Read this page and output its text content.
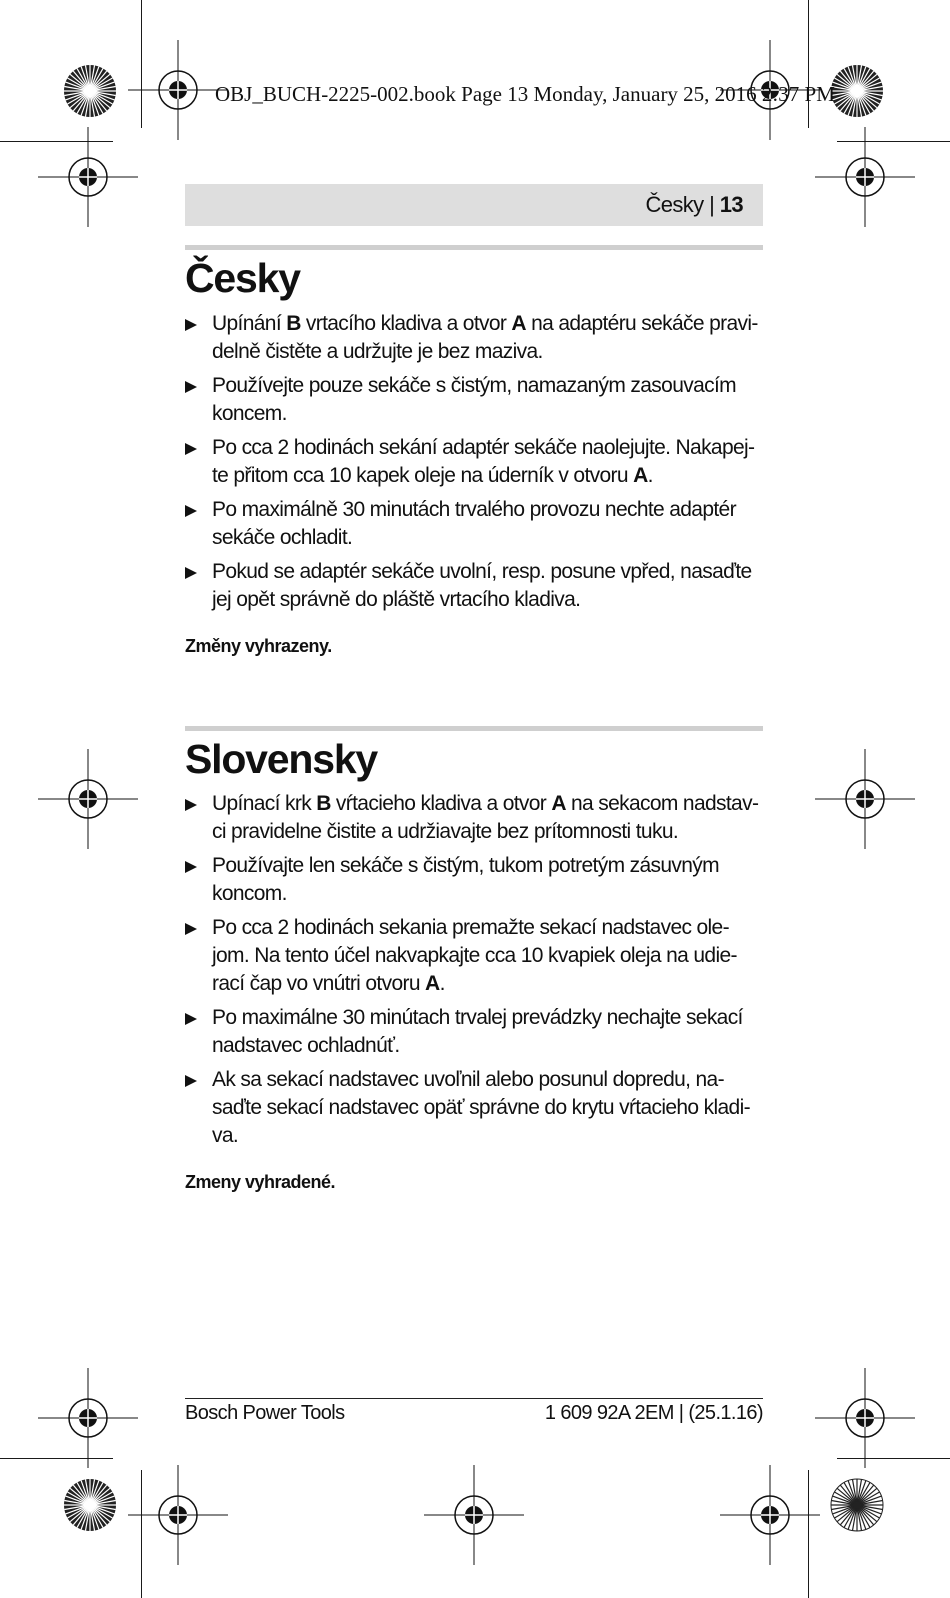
OBJ_BUCH-2225-002.book Page 13 Monday, January 25, 2016 2:37 PM
Česky | 13
Česky
Upínání B vrtacího kladiva a otvor A na adaptéru sekáče pravi-
delně čistěte a udržujte je bez maziva.
Používejte pouze sekáče s čistým, namazaným zasouvacím
koncem.
Po cca 2 hodinách sekání adaptér sekáče naolejujte. Nakapej-
te přitom cca 10 kapek oleje na úderník v otvoru A.
Po maximálně 30 minutách trvalého provozu nechte adaptér
sekáče ochladit.
Pokud se adaptér sekáče uvolní, resp. posune vpřed, nasaďte
jej opět správně do pláště vrtacího kladiva.
Změny vyhrazeny.
Slovensky
Upínací krk B vŕtacieho kladiva a otvor A na sekacom nadstav-
ci pravidelne čistite a udržiavajte bez prítomnosti tuku.
Používajte len sekáče s čistým, tukom potretým zásuvným
koncom.
Po cca 2 hodinách sekania premažte sekací nadstavec ole-
jom. Na tento účel nakvapkajte cca 10 kvapiek oleja na udie-
rací čap vo vnútri otvoru A.
Po maximálne 30 minútach trvalej prevádzky nechajte sekací
nadstavec ochladnúť.
Ak sa sekací nadstavec uvoľnil alebo posunul dopredu, na-
saďte sekací nadstavec opäť správne do krytu vŕtacieho kladi-
va.
Zmeny vyhradené.
Bosch Power Tools	1 609 92A 2EM | (25.1.16)
